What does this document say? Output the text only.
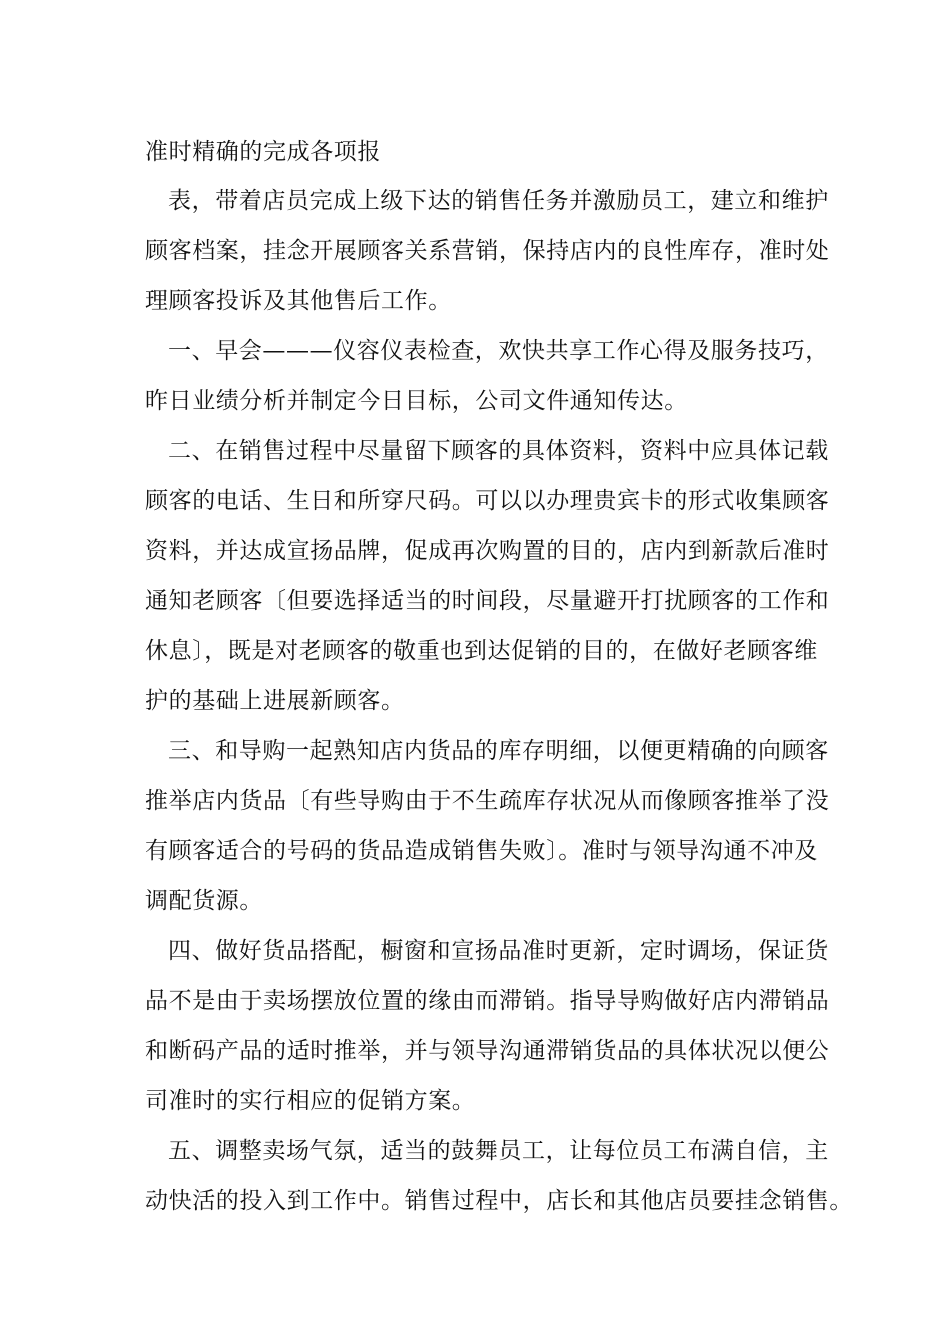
准时精确的完成各项报
表，带着店员完成上级下达的销售任务并激励员工，建立和维护
顾客档案，挂念开展顾客关系营销，保持店内的良性库存，准时处
理顾客投诉及其他售后工作。
一、早会———仪容仪表检查，欢快共享工作心得及服务技巧，
昨日业绩分析并制定今日目标，公司文件通知传达。
二、在销售过程中尽量留下顾客的具体资料，资料中应具体记载
顾客的电话、生日和所穿尺码。可以以办理贵宾卡的形式收集顾客
资料，并达成宣扬品牌，促成再次购置的目的，店内到新款后准时
通知老顾客〔但要选择适当的时间段，尽量避开打扰顾客的工作和
休息〕，既是对老顾客的敬重也到达促销的目的，在做好老顾客维
护的基础上进展新顾客。
三、和导购一起熟知店内货品的库存明细，以便更精确的向顾客
推举店内货品〔有些导购由于不生疏库存状况从而像顾客推举了没
有顾客适合的号码的货品造成销售失败〕。准时与领导沟通不冲及
调配货源。
四、做好货品搭配，橱窗和宣扬品准时更新，定时调场，保证货
品不是由于卖场摆放位置的缘由而滞销。指导导购做好店内滞销品
和断码产品的适时推举，并与领导沟通滞销货品的具体状况以便公
司准时的实行相应的促销方案。
五、调整卖场气氛，适当的鼓舞员工，让每位员工布满自信，主
动快活的投入到工作中。销售过程中，店长和其他店员要挂念销售。
